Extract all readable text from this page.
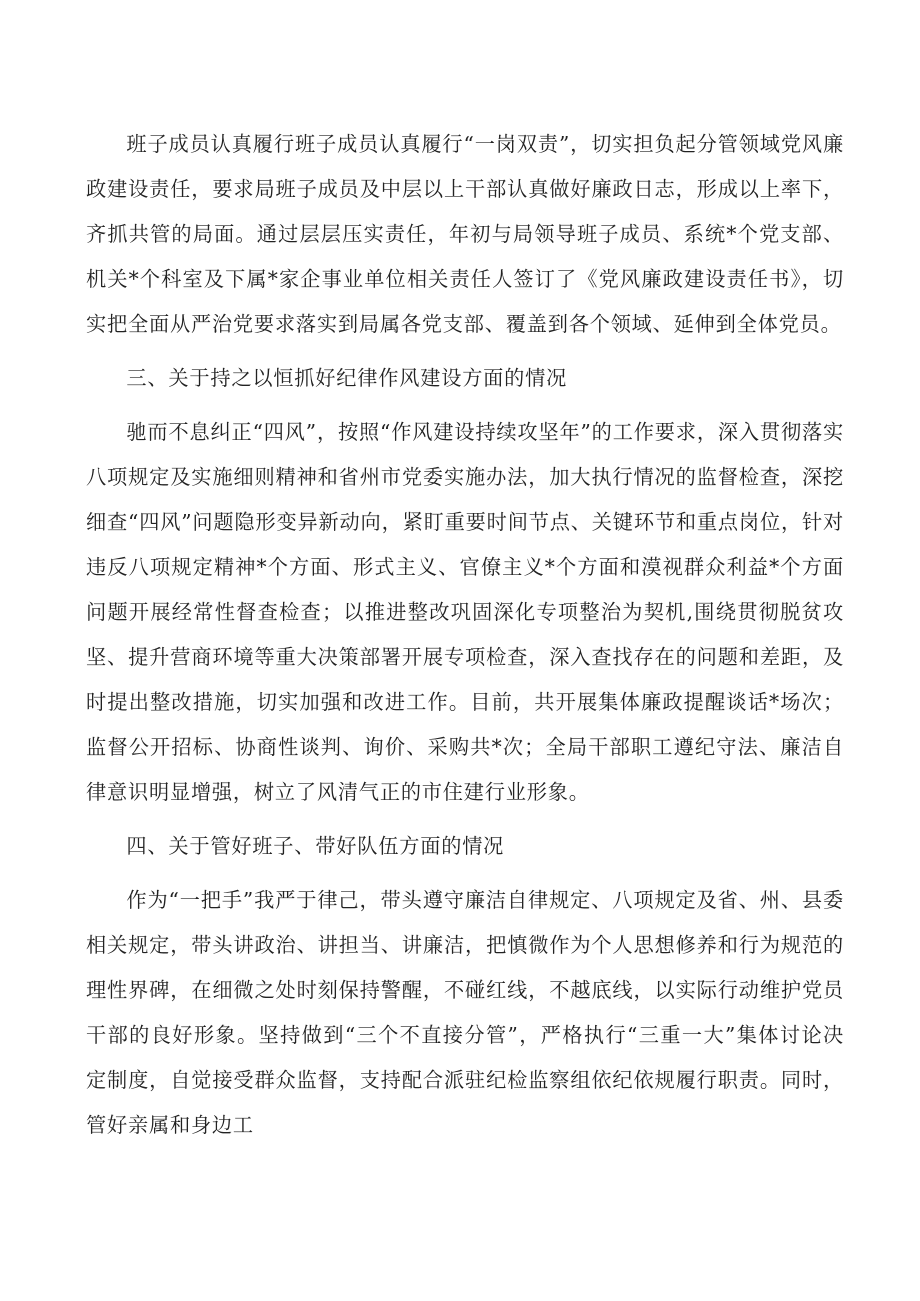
班子成员认真履行班子成员认真履行“一岗双责”，切实担负起分管领域党风廉政建设责任，要求局班子成员及中层以上干部认真做好廉政日志，形成以上率下，齐抓共管的局面。通过层层压实责任，年初与局领导班子成员、系统*个党支部、机关*个科室及下属*家企事业单位相关责任人签订了《党风廉政建设责任书》，切实把全面从严治党要求落实到局属各党支部、覆盖到各个领域、延伸到全体党员。

三、关于持之以恒抓好纪律作风建设方面的情况

驰而不息纠正“四风”，按照“作风建设持续攻坚年”的工作要求，深入贯彻落实八项规定及实施细则精神和省州市党委实施办法，加大执行情况的监督检查，深挖细查“四风”问题隐形变异新动向，紧盯重要时间节点、关键环节和重点岗位，针对违反八项规定精神*个方面、形式主义、官僚主义*个方面和漠视群众利益*个方面问题开展经常性督查检查；以推进整改巩固深化专项整治为契机,围绕贯彻脱贫攻坚、提升营商环境等重大决策部署开展专项检查，深入查找存在的问题和差距，及时提出整改措施，切实加强和改进工作。目前，共开展集体廉政提醒谈话*场次；监督公开招标、协商性谈判、询价、采购共*次；全局干部职工遵纪守法、廉洁自律意识明显增强，树立了风清气正的市住建行业形象。

四、关于管好班子、带好队伍方面的情况

作为“一把手”我严于律己，带头遵守廉洁自律规定、八项规定及省、州、县委相关规定，带头讲政治、讲担当、讲廉洁，把慎微作为个人思想修养和行为规范的理性界碑，在细微之处时刻保持警醒，不碰红线，不越底线，以实际行动维护党员干部的良好形象。坚持做到“三个不直接分管”，严格执行“三重一大”集体讨论决定制度，自觉接受群众监督，支持配合派驻纪检监察组依纪依规履行职责。同时，管好亲属和身边工
